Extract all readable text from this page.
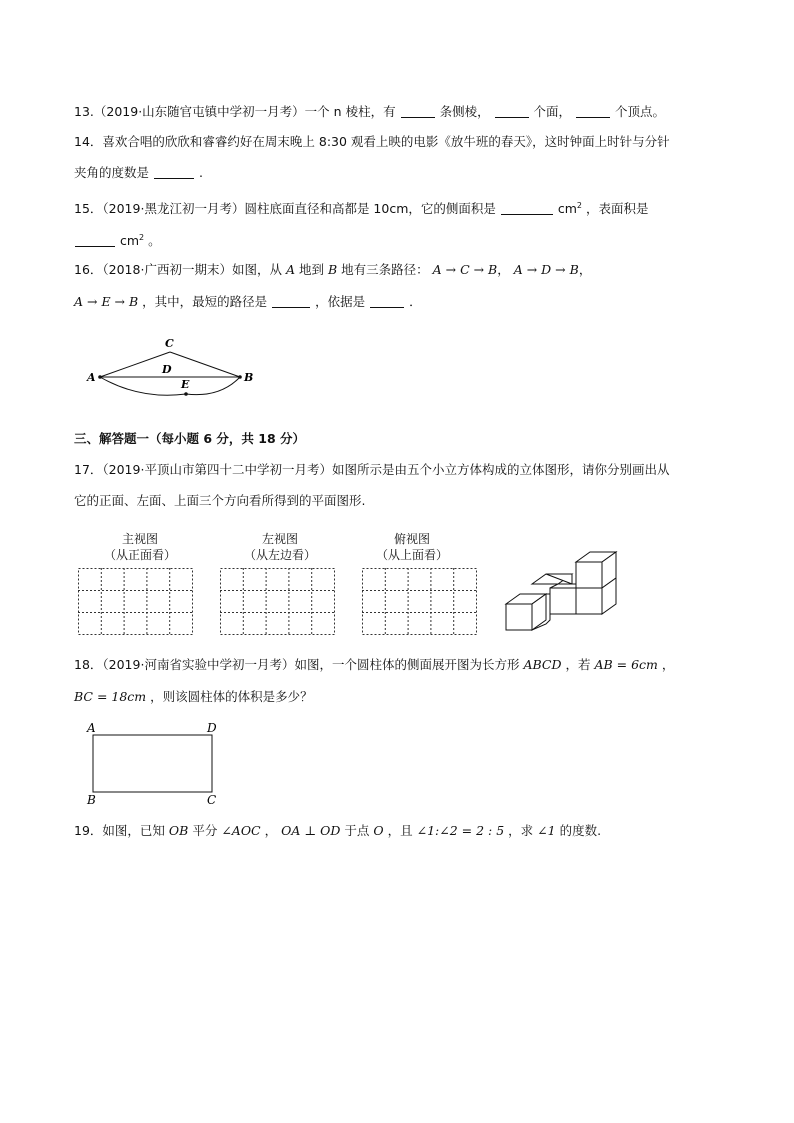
13.（2019·山东随官屯镇中学初一月考）一个 n 棱柱，有	条侧棱，	个面，	个顶点。
14．喜欢合唱的欣欣和睿睿约好在周末晚上 8:30 观看上映的电影《放牛班的春天》，这时钟面上时针与分针
夹角的度数是	.
15．（2019·黑龙江初一月考）圆柱底面直径和高都是 10cm，它的侧面积是	$cm^2$ ，表面积是
$cm^2$ 。
16．（2018·广西初一期末）如图，从 A 地到 B 地有三条路径： A → C → B， A → D → B，
A → E → B ，其中，最短的路径是	，依据是	．
A	B
C
D
E
三、解答题一（每小题 6 分，共 18 分）
17．（2019·平顶山市第四十二中学初一月考）如图所示是由五个小立方体构成的立体图形，请你分别画出从
它的正面、左面、上面三个方向看所得到的平面图形.
主视图
（从正面看）
左视图
（从左边看）
俯视图
（从上面看）
18．（2019·河南省实验中学初一月考）如图，一个圆柱体的侧面展开图为长方形 ABCD ，若 AB = 6cm ，
BC = 18cm ，则该圆柱体的体积是多少？
A	D
B	C
19．如图，已知 OB 平分 ∠AOC ， OA ⊥ OD 于点 O ，且 ∠1:∠2 = 2 : 5 ，求 ∠1 的度数.
